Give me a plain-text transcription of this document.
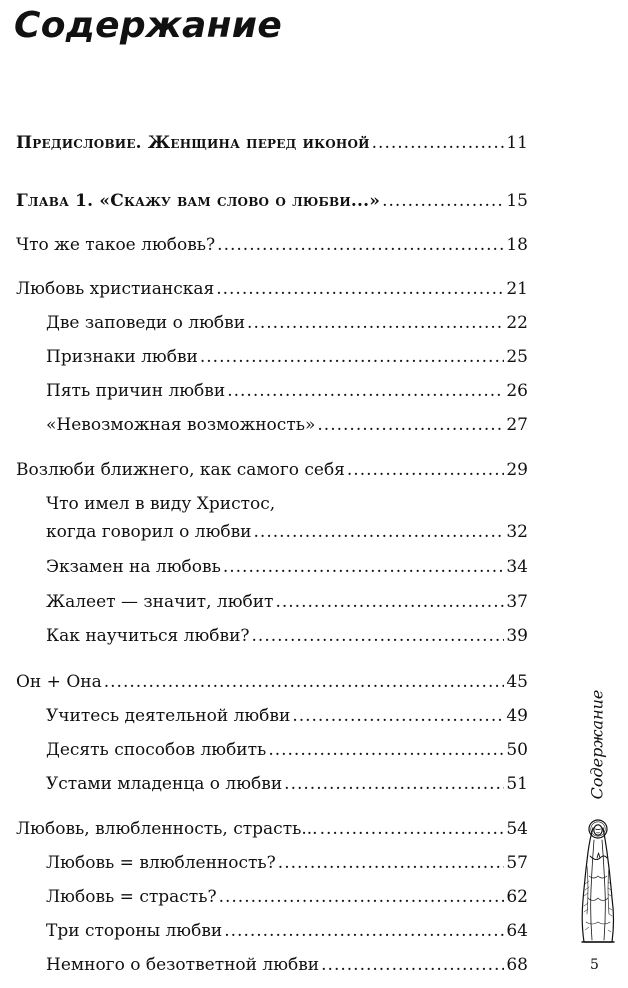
Содержание
Предисловие. Женщина перед иконой .....	11
Глава 1. «Скажу вам слово о любви...» .....	15
Что же такое любовь? .....	18
Любовь христианская .....	21
Две заповеди о любви .....	22
Признаки любви .....	25
Пять причин любви .....	26
«Невозможная возможность» .....	27
Возлюби ближнего, как самого себя .....	29
Что имел в виду Христос,
когда говорил о любви .....	32
Экзамен на любовь .....	34
Жалеет — значит, любит .....	37
Как научиться любви? .....	39
Он + Она .....	45
Учитесь деятельной любви .....	49
Десять способов любить .....	50
Устами младенца о любви .....	51
Любовь, влюбленность, страсть... .....	54
Любовь = влюбленность? .....	57
Любовь = страсть? .....	62
Три стороны любви .....	64
Немного о безответной любви .....	68
Содержание
5
